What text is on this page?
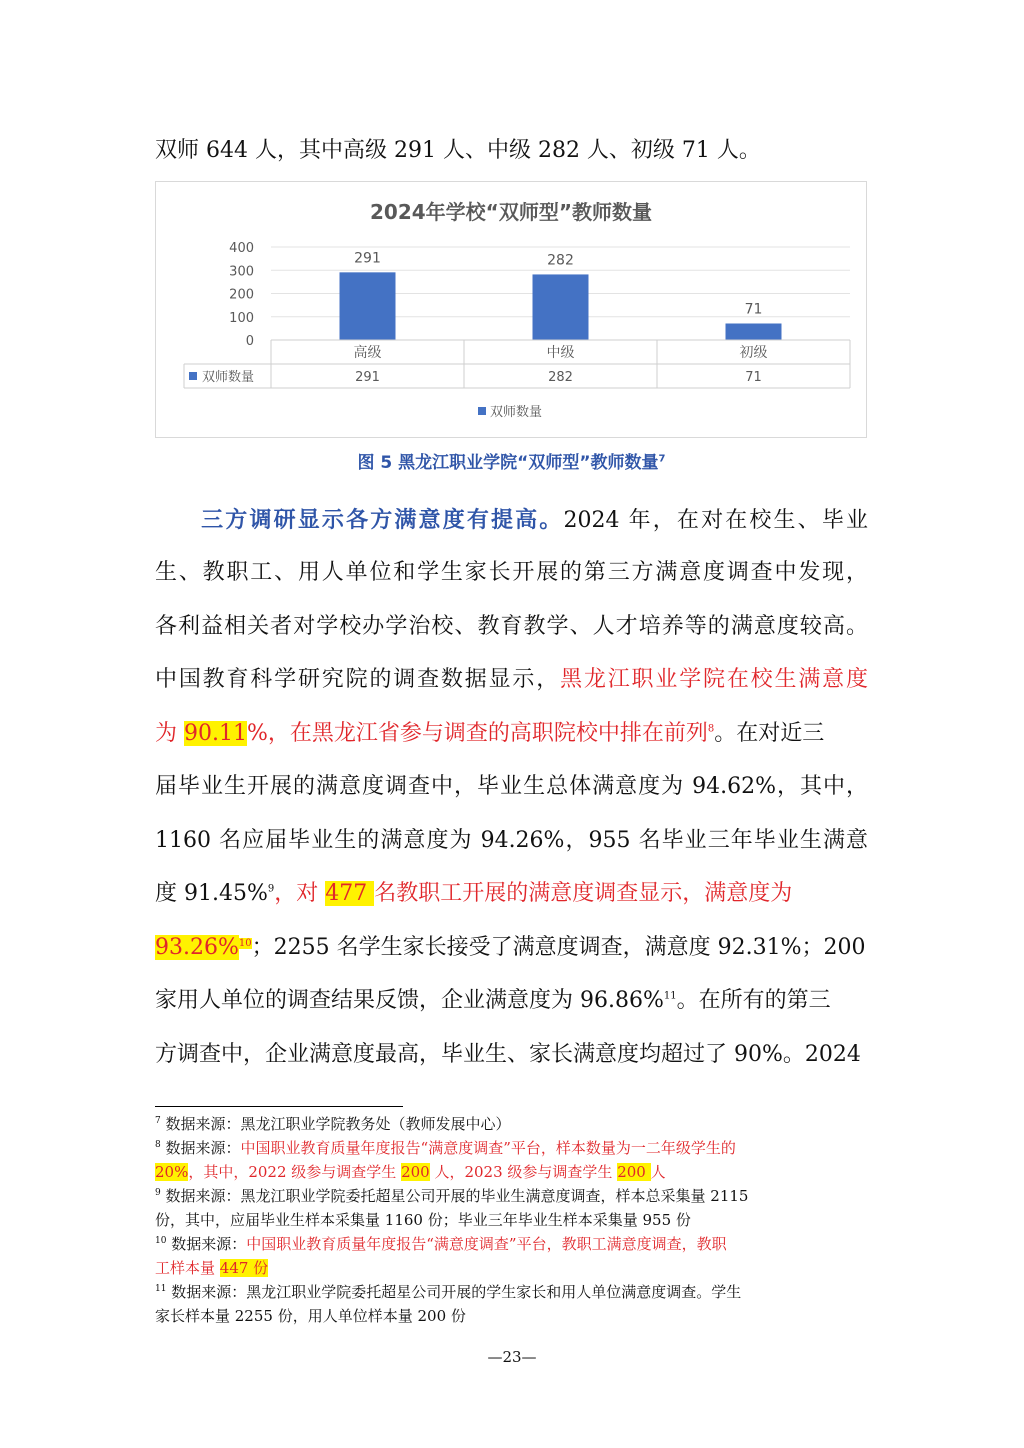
双师 644 人，其中高级 291 人、中级 282 人、初级 71 人。
2024年学校“双师型”教师数量
0
100
200
300
400
291	282
71
高级
291
中级
282
初级
71
双师数量
双师数量
图 5 黑龙江职业学院“双师型”教师数量$^7$
三方调研显示各方满意度有提高。2024 年，在对在校生、毕业
生、教职工、用人单位和学生家长开展的第三方满意度调查中发现，
各利益相关者对学校办学治校、教育教学、人才培养等的满意度较高。
中国教育科学研究院的调查数据显示，黑龙江职业学院在校生满意度
为 90.11%，在黑龙江省参与调查的高职院校中排在前列$^8$。在对近三
届毕业生开展的满意度调查中，毕业生总体满意度为 94.62%，其中，
1160 名应届毕业生的满意度为 94.26%，955 名毕业三年毕业生满意
度 91.45%$^9$，对 477 名教职工开展的满意度调查显示，满意度为
93.26%$^{10}$；2255 名学生家长接受了满意度调查，满意度 92.31%；200
家用人单位的调查结果反馈，企业满意度为 96.86%$^{11}$。在所有的第三
方调查中，企业满意度最高，毕业生、家长满意度均超过了 90%。2024
$^7$ 数据来源：黑龙江职业学院教务处（教师发展中心）
$^8$ 数据来源：中国职业教育质量年度报告“满意度调查”平台，样本数量为一二年级学生的
20%，其中，2022 级参与调查学生 200 人，2023 级参与调查学生 200 人
$^9$ 数据来源：黑龙江职业学院委托超星公司开展的毕业生满意度调查，样本总采集量 2115
份，其中，应届毕业生样本采集量 1160 份；毕业三年毕业生样本采集量 955 份
$^{10}$ 数据来源：中国职业教育质量年度报告“满意度调查”平台，教职工满意度调查，教职
工样本量 447 份
$^{11}$ 数据来源：黑龙江职业学院委托超星公司开展的学生家长和用人单位满意度调查。学生
家长样本量 2255 份，用人单位样本量 200 份
—23—
